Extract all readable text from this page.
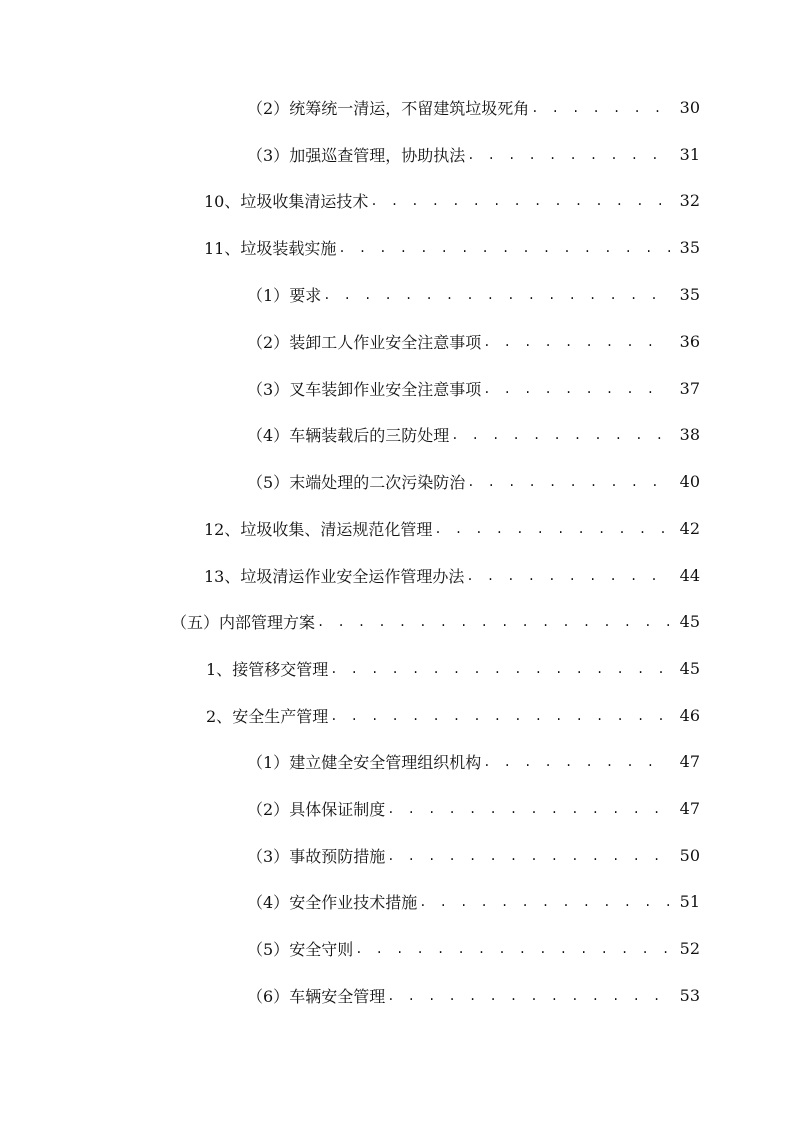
（2） 统筹统一清运，不留建筑垃圾死角 . . .	30
（3） 加强巡查管理，协助执法 . . .	31
10、 垃圾收集清运技术 . . .	32
11、 垃圾装载实施 . . .	35
（1） 要求 . . .	35
（2） 装卸工人作业安全注意事项 . . .	36
（3） 叉车装卸作业安全注意事项 . . .	37
（4） 车辆装载后的三防处理 . . .	38
（5） 末端处理的二次污染防治 . . .	40
12、 垃圾收集、清运规范化管理 . . .	42
13、 垃圾清运作业安全运作管理办法 . . .	44
（五） 内部管理方案 . . .	45
1、 接管移交管理 . . .	45
2、 安全生产管理 . . .	46
（1） 建立健全安全管理组织机构 . . .	47
（2） 具体保证制度 . . .	47
（3） 事故预防措施 . . .	50
（4） 安全作业技术措施 . . .	51
（5） 安全守则 . . .	52
（6） 车辆安全管理 . . .	53
